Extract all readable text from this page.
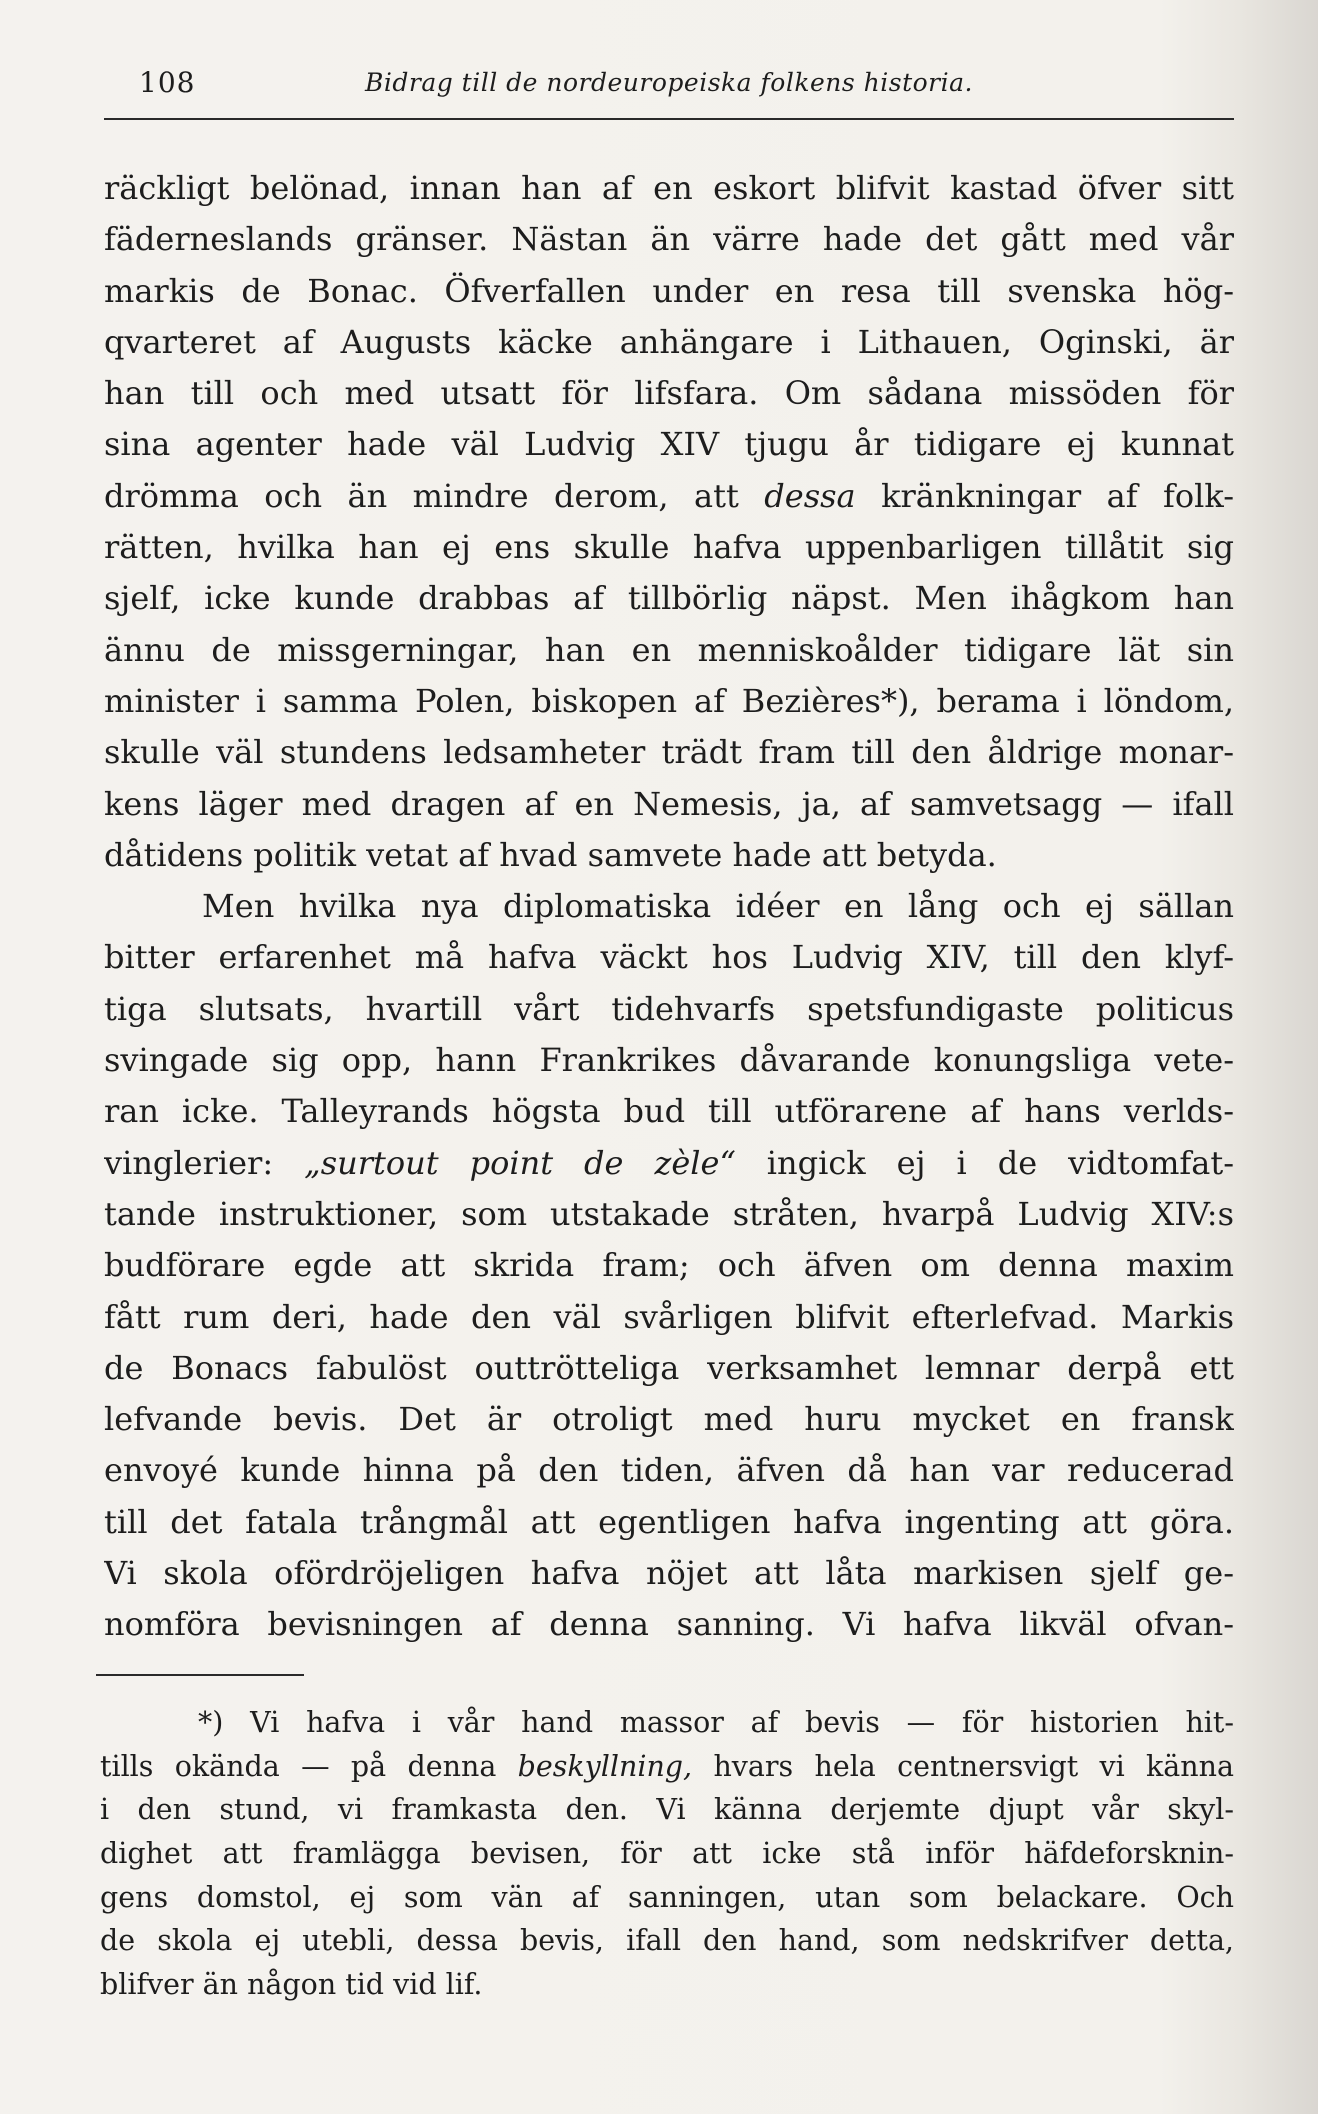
108	Bidrag till de nordeuropeiska folkens historia.
räckligt belönad, innan han af en eskort blifvit kastad öfver sitt
fäderneslands gränser. Nästan än värre hade det gått med vår
markis de Bonac. Öfverfallen under en resa till svenska hög-
qvarteret af Augusts käcke anhängare i Lithauen, Oginski, är
han till och med utsatt för lifsfara. Om sådana missöden för
sina agenter hade väl Ludvig XIV tjugu år tidigare ej kunnat
drömma och än mindre derom, att dessa kränkningar af folk-
rätten, hvilka han ej ens skulle hafva uppenbarligen tillåtit sig
sjelf, icke kunde drabbas af tillbörlig näpst. Men ihågkom han
ännu de missgerningar, han en menniskoålder tidigare lät sin
minister i samma Polen, biskopen af Bezières*), berama i löndom,
skulle väl stundens ledsamheter trädt fram till den åldrige monar-
kens läger med dragen af en Nemesis, ja, af samvetsagg — ifall
dåtidens politik vetat af hvad samvete hade att betyda.
Men hvilka nya diplomatiska idéer en lång och ej sällan
bitter erfarenhet må hafva väckt hos Ludvig XIV, till den klyf-
tiga slutsats, hvartill vårt tidehvarfs spetsfundigaste politicus
svingade sig opp, hann Frankrikes dåvarande konungsliga vete-
ran icke. Talleyrands högsta bud till utförarene af hans verlds-
vinglerier: „surtout point de zèle“ ingick ej i de vidtomfat-
tande instruktioner, som utstakade stråten, hvarpå Ludvig XIV:s
budförare egde att skrida fram; och äfven om denna maxim
fått rum deri, hade den väl svårligen blifvit efterlefvad. Markis
de Bonacs fabulöst outtrötteliga verksamhet lemnar derpå ett
lefvande bevis. Det är otroligt med huru mycket en fransk
envoyé kunde hinna på den tiden, äfven då han var reducerad
till det fatala trångmål att egentligen hafva ingenting att göra.
Vi skola ofördröjeligen hafva nöjet att låta markisen sjelf ge-
nomföra bevisningen af denna sanning. Vi hafva likväl ofvan-
*) Vi hafva i vår hand massor af bevis — för historien hit-
tills okända — på denna beskyllning, hvars hela centnersvigt vi känna
i den stund, vi framkasta den. Vi känna derjemte djupt vår skyl-
dighet att framlägga bevisen, för att icke stå inför häfdeforsknin-
gens domstol, ej som vän af sanningen, utan som belackare. Och
de skola ej utebli, dessa bevis, ifall den hand, som nedskrifver detta,
blifver än någon tid vid lif.
